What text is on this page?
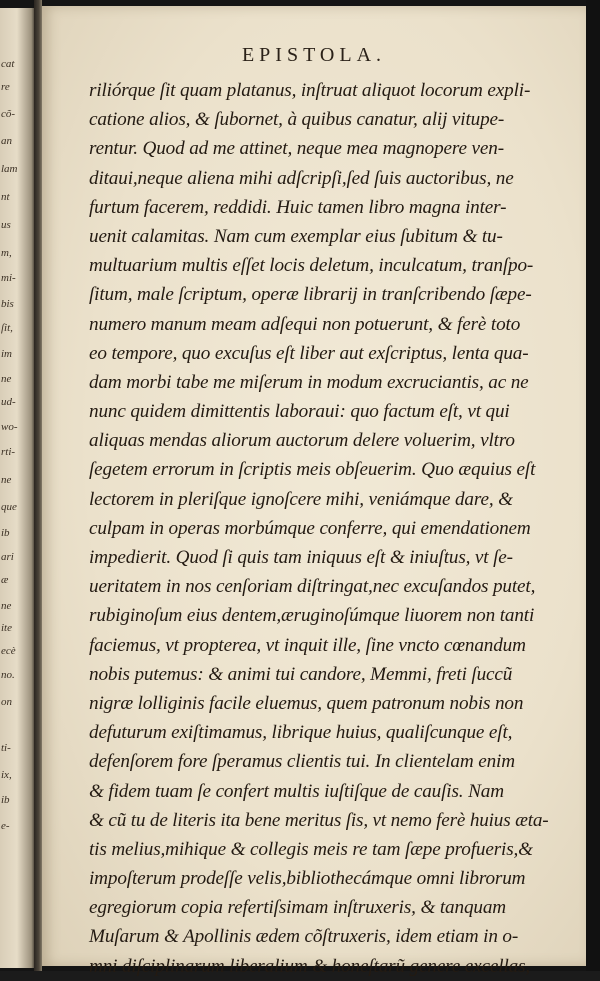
cat
re
cõ-
an
lam
nt
us
m,
mi-
bis
ſit,
im
ne
ud-
wo-
rti-
ne
que
ib
ari
æ
ne
ite
ecè
no.
on
ti-
ix,
ib
e-
EPISTOLA.
riliórque ſit quam platanus, inſtruat aliquot locorum expli-
catione alios, & ſubornet, à quibus canatur, alij vitupe-
rentur. Quod ad me attinet, neque mea magnopere ven-
ditaui,neque aliena mihi adſcripſi,ſed ſuis auctoribus, ne
furtum facerem, reddidi. Huic tamen libro magna inter-
uenit calamitas. Nam cum exemplar eius ſubitum & tu-
multuarium multis eſſet locis deletum, inculcatum, tranſpo-
ſitum, male ſcriptum, operæ librarij in tranſcribendo ſæpe-
numero manum meam adſequi non potuerunt, & ferè toto
eo tempore, quo excuſus eſt liber aut exſcriptus, lenta qua-
dam morbi tabe me miſerum in modum excruciantis, ac ne
nunc quidem dimittentis laboraui: quo factum eſt, vt qui
aliquas mendas aliorum auctorum delere voluerim, vltro
ſegetem errorum in ſcriptis meis obſeuerim. Quo æquius eſt
lectorem in pleriſque ignoſcere mihi, veniámque dare, &
culpam in operas morbúmque conferre, qui emendationem
impedierit. Quod ſi quis tam iniquus eſt & iniuſtus, vt ſe-
ueritatem in nos cenſoriam diſtringat,nec excuſandos putet,
rubiginoſum eius dentem,æruginoſúmque liuorem non tanti
faciemus, vt propterea, vt inquit ille, ſine vncto cœnandum
nobis putemus: & animi tui candore, Memmi, freti ſuccũ
nigræ lolliginis facile eluemus, quem patronum nobis non
defuturum exiſtimamus, librique huius, qualiſcunque eſt,
defenſorem fore ſperamus clientis tui. In clientelam enim
& fidem tuam ſe confert multis iuſtiſque de cauſis. Nam
& cũ tu de literis ita bene meritus ſis, vt nemo ferè huius æta-
tis melius,mihique & collegis meis re tam ſæpe profueris,&
impoſterum prodeſſe velis,bibliothecámque omni librorum
egregiorum copia refertiſsimam inſtruxeris, & tanquam
Muſarum & Apollinis ædem cõſtruxeris, idem etiam in o-
mni diſciplinarum liberalium & honeſtarũ genere excellas,
